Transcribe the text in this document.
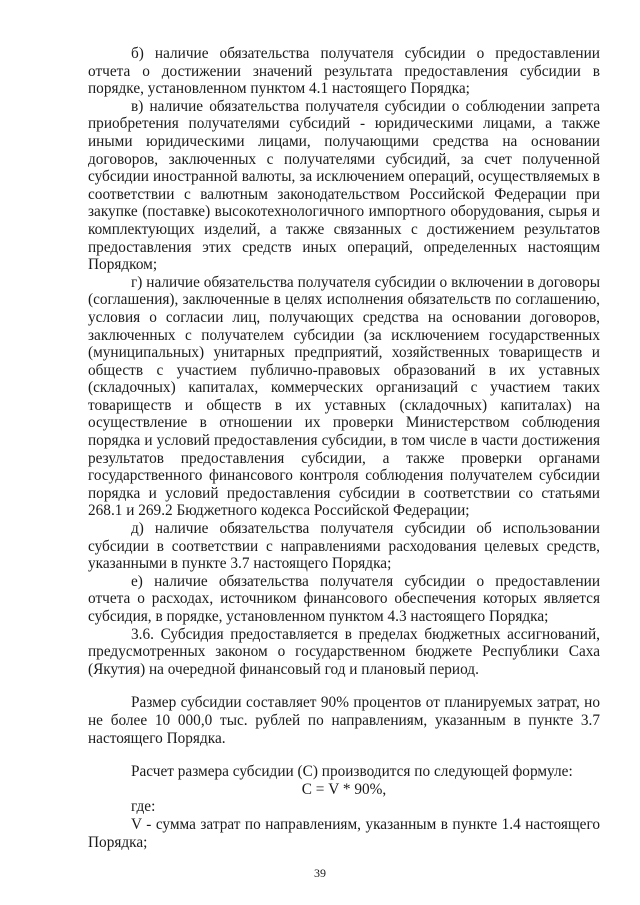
б) наличие обязательства получателя субсидии о предоставлении отчета о достижении значений результата предоставления субсидии в порядке, установленном пунктом 4.1 настоящего Порядка;

в) наличие обязательства получателя субсидии о соблюдении запрета приобретения получателями субсидий - юридическими лицами, а также иными юридическими лицами, получающими средства на основании договоров, заключенных с получателями субсидий, за счет полученной субсидии иностранной валюты, за исключением операций, осуществляемых в соответствии с валютным законодательством Российской Федерации при закупке (поставке) высокотехнологичного импортного оборудования, сырья и комплектующих изделий, а также связанных с достижением результатов предоставления этих средств иных операций, определенных настоящим Порядком;

г) наличие обязательства получателя субсидии о включении в договоры (соглашения), заключенные в целях исполнения обязательств по соглашению, условия о согласии лиц, получающих средства на основании договоров, заключенных с получателем субсидии (за исключением государственных (муниципальных) унитарных предприятий, хозяйственных товариществ и обществ с участием публично-правовых образований в их уставных (складочных) капиталах, коммерческих организаций с участием таких товариществ и обществ в их уставных (складочных) капиталах) на осуществление в отношении их проверки Министерством соблюдения порядка и условий предоставления субсидии, в том числе в части достижения результатов предоставления субсидии, а также проверки органами государственного финансового контроля соблюдения получателем субсидии порядка и условий предоставления субсидии в соответствии со статьями 268.1 и 269.2 Бюджетного кодекса Российской Федерации;

д) наличие обязательства получателя субсидии об использовании субсидии в соответствии с направлениями расходования целевых средств, указанными в пункте 3.7 настоящего Порядка;

е) наличие обязательства получателя субсидии о предоставлении отчета о расходах, источником финансового обеспечения которых является субсидия, в порядке, установленном пунктом 4.3 настоящего Порядка;

3.6. Субсидия предоставляется в пределах бюджетных ассигнований, предусмотренных законом о государственном бюджете Республики Саха (Якутия) на очередной финансовый год и плановый период.

Размер субсидии составляет 90% процентов от планируемых затрат, но не более 10 000,0 тыс. рублей по направлениям, указанным в пункте 3.7 настоящего Порядка.

Расчет размера субсидии (С) производится по следующей формуле:

С = V * 90%,

где:

V - сумма затрат по направлениям, указанным в пункте 1.4 настоящего Порядка;

39
